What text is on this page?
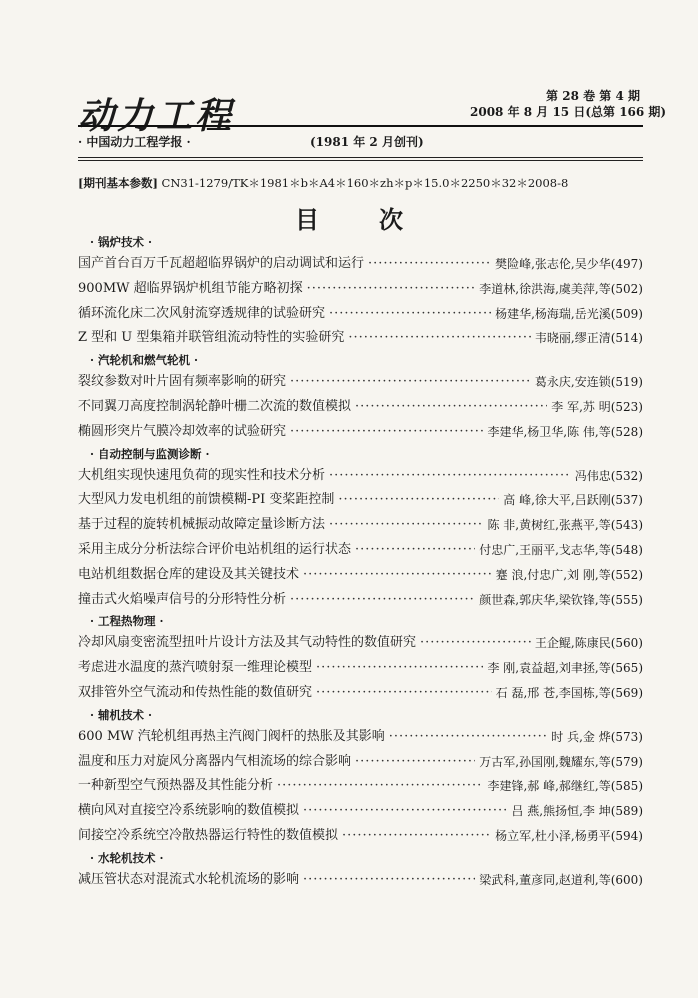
动力工程	第 28 卷 第 4 期
2008 年 8 月 15 日(总第 166 期)
· 中国动力工程学报 ·	(1981 年 2 月创刊)
[期刊基本参数] CN31-1279/TK＊1981＊b＊A4＊160＊zh＊p＊15.0＊2250＊32＊2008-8
目次
· 锅炉技术 ·
国产首台百万千瓦超超临界锅炉的启动调试和运行 ·····	樊险峰,张志伦,吴少华(497)
900MW 超临界锅炉机组节能方略初探 ·····	李道林,徐洪海,虞美萍,等(502)
循环流化床二次风射流穿透规律的试验研究 ·····	杨建华,杨海瑞,岳光溪(509)
Z 型和 U 型集箱并联管组流动特性的实验研究 ·····	韦晓丽,缪正清(514)
· 汽轮机和燃气轮机 ·
裂纹参数对叶片固有频率影响的研究 ·····	葛永庆,安连锁(519)
不同翼刀高度控制涡轮静叶栅二次流的数值模拟 ·····	李 军,苏 明(523)
椭圆形突片气膜冷却效率的试验研究 ·····	李建华,杨卫华,陈 伟,等(528)
· 自动控制与监测诊断 ·
大机组实现快速甩负荷的现实性和技术分析 ·····	冯伟忠(532)
大型风力发电机组的前馈模糊-PI 变桨距控制 ·····	高 峰,徐大平,吕跃刚(537)
基于过程的旋转机械振动故障定量诊断方法 ·····	陈 非,黄树红,张燕平,等(543)
采用主成分分析法综合评价电站机组的运行状态 ·····	付忠广,王丽平,戈志华,等(548)
电站机组数据仓库的建设及其关键技术 ·····	蹇 浪,付忠广,刘 刚,等(552)
撞击式火焰噪声信号的分形特性分析 ·····	颜世森,郭庆华,梁钦锋,等(555)
· 工程热物理 ·
冷却风扇变密流型扭叶片设计方法及其气动特性的数值研究 ·····	王企鲲,陈康民(560)
考虑进水温度的蒸汽喷射泵一维理论模型 ·····	李 刚,袁益超,刘聿拯,等(565)
双排管外空气流动和传热性能的数值研究 ·····	石 磊,邢 苍,李国栋,等(569)
· 辅机技术 ·
600 MW 汽轮机组再热主汽阀门阀杆的热胀及其影响 ·····	时 兵,金 烨(573)
温度和压力对旋风分离器内气相流场的综合影响 ·····	万古军,孙国刚,魏耀东,等(579)
一种新型空气预热器及其性能分析 ·····	李建锋,郝 峰,郝继红,等(585)
横向风对直接空冷系统影响的数值模拟 ·····	吕 燕,熊扬恒,李 坤(589)
间接空冷系统空冷散热器运行特性的数值模拟 ·····	杨立军,杜小泽,杨勇平(594)
· 水轮机技术 ·
减压管状态对混流式水轮机流场的影响 ·····	梁武科,董彦同,赵道利,等(600)
